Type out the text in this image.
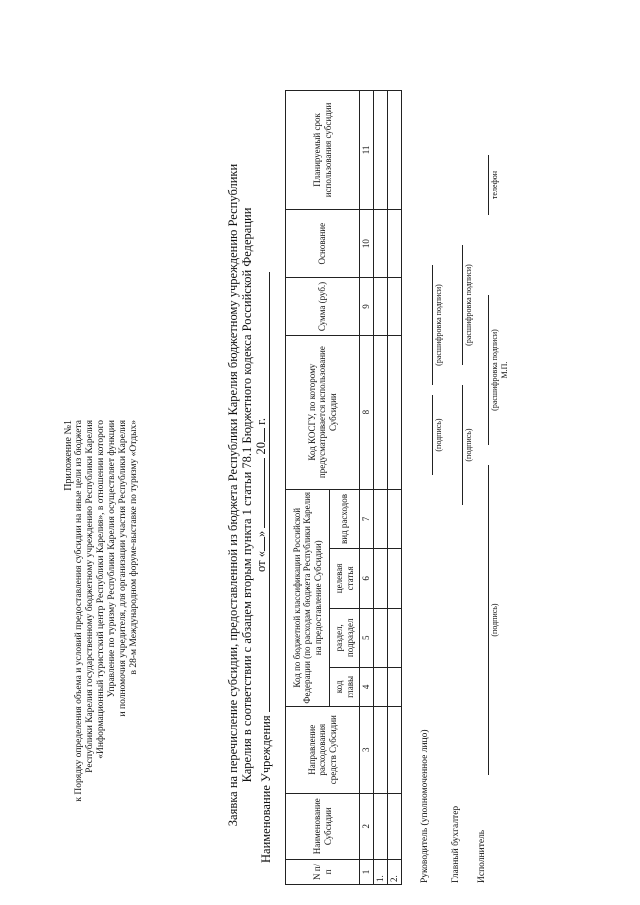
Приложение №1 к Порядку определения объема и условий предоставления субсидии на иные цели из бюджета Республики Карелия государственному бюджетному учреждению Республики Карелия «Информационный туристский центр Республики Карелия», в отношении которого Управление по туризму Республики Карелия осуществляет функции и полномочия учредителя, для организации участия Республики Карелия в 28-м Международном форуме-выставке по туризму «Отдых»	Заявка на перечисление субсидии, предоставленной из бюджета Республики Карелия бюджетному учреждению Республики Карелия в соответствии с абзацем вторым пункта 1 статьи 78.1 Бюджетного кодекса Российской Федерации от «»  20 г.
Наименование Учреждения
N п/п	Наименование Субсидии	Направление расходования средств Субсидии	Код по бюджетной классификации Российской Федерации (по расходам бюджета Республики Карелия на предоставление Субсидии)				Код КОСГУ, по которому предусматривается использование Субсидии	Сумма (руб.)	Основание	Планируемый срок использования субсидии
			код главы	раздел, подраздел	целевая статья	вид расходов				
1	2	3	4	5	6	7	8	9	10	11
1.										
2.										Руководитель (уполномоченное лицо)
(подпись)
(расшифровка подписи)
Главный бухгалтер
(подпись)
(расшифровка подписи)
Исполнитель
(подпись)
(расшифровка подписи) М.П.
телефон
